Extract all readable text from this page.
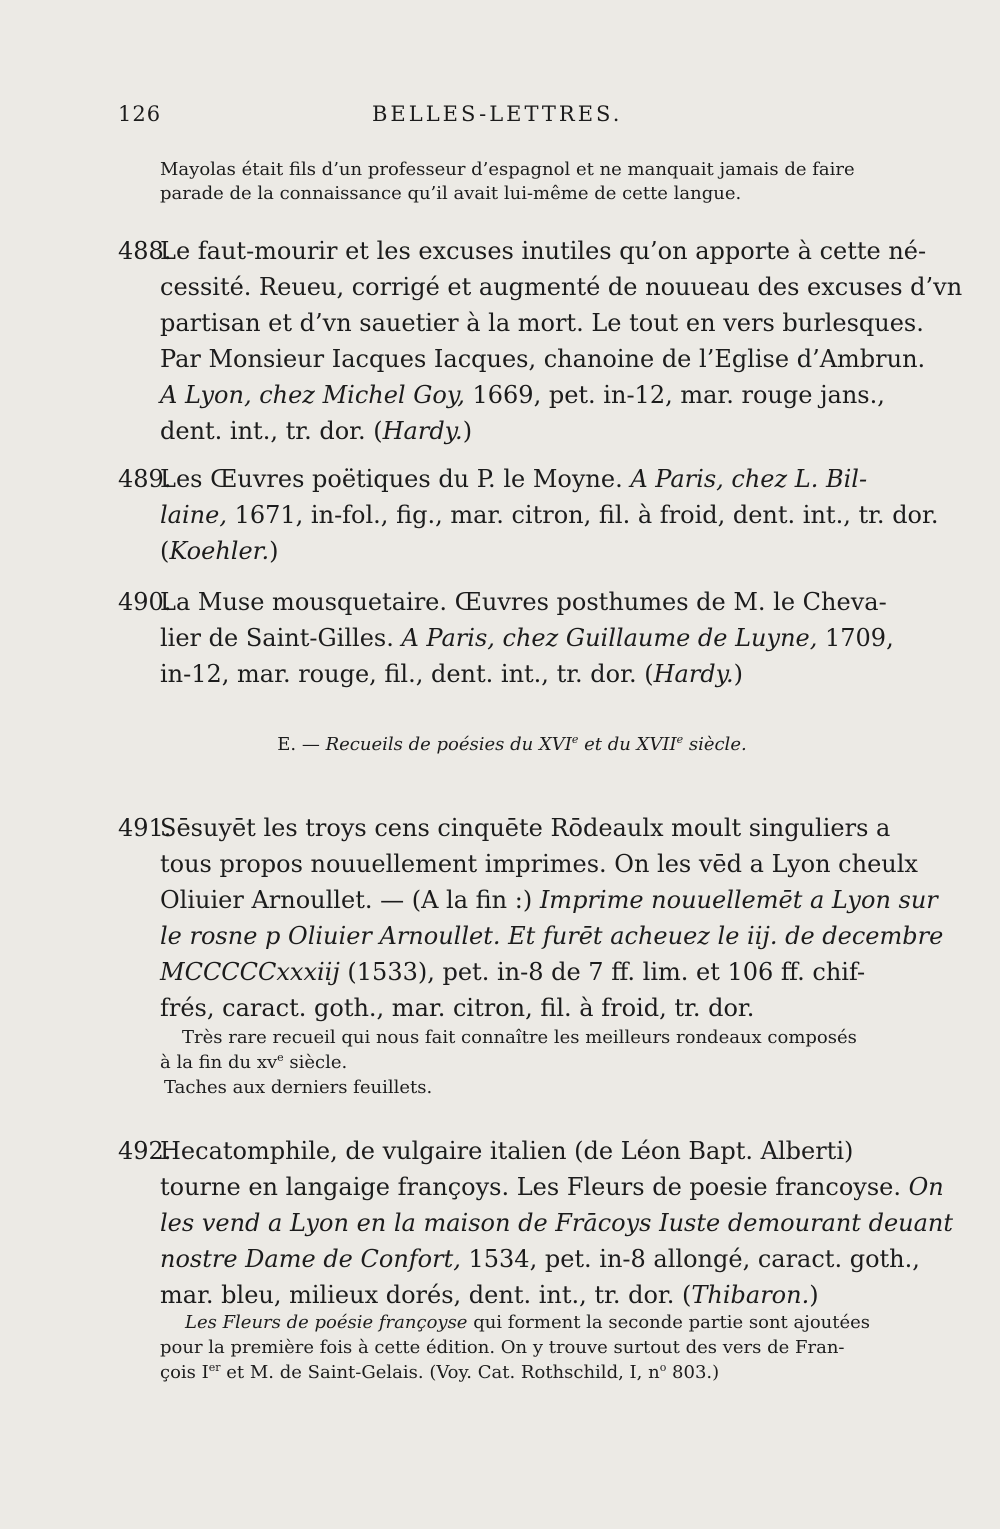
126	BELLES-LETTRES.
Mayolas était fils d’un professeur d’espagnol et ne manquait jamais de faire
parade de la connaissance qu’il avait lui-même de cette langue.
488.
Le faut-mourir et les excuses inutiles qu’on apporte à cette né-
cessité. Reueu, corrigé et augmenté de nouueau des excuses d’vn
partisan et d’vn sauetier à la mort. Le tout en vers burlesques.
Par Monsieur Iacques Iacques, chanoine de l’Eglise d’Ambrun.
A Lyon, chez Michel Goy, 1669, pet. in-12, mar. rouge jans.,
dent. int., tr. dor. (Hardy.)
489.
Les Œuvres poëtiques du P. le Moyne. A Paris, chez L. Bil-
laine, 1671, in-fol., fig., mar. citron, fil. à froid, dent. int., tr. dor.
(Koehler.)
490.
La Muse mousquetaire. Œuvres posthumes de M. le Cheva-
lier de Saint-Gilles. A Paris, chez Guillaume de Luyne, 1709,
in-12, mar. rouge, fil., dent. int., tr. dor. (Hardy.)
E. — Recueils de poésies du XVIe et du XVIIe siècle.
491.
Sēsuyēt les troys cens cinquēte Rōdeaulx moult singuliers a
tous propos nouuellement imprimes. On les vēd a Lyon cheulx
Oliuier Arnoullet. — (A la fin :) Imprime nouuellemēt a Lyon sur
le rosne p Oliuier Arnoullet. Et furēt acheuez le iij. de decembre
MCCCCCxxxiij (1533), pet. in-8 de 7 ff. lim. et 106 ff. chif-
frés, caract. goth., mar. citron, fil. à froid, tr. dor.
Très rare recueil qui nous fait connaître les meilleurs rondeaux composés
à la fin du $xv^e$ siècle.
Taches aux derniers feuillets.
492.
Hecatomphile, de vulgaire italien (de Léon Bapt. Alberti)
tourne en langaige françoys. Les Fleurs de poesie francoyse. On
les vend a Lyon en la maison de Frācoys Iuste demourant deuant
nostre Dame de Confort, 1534, pet. in-8 allongé, caract. goth.,
mar. bleu, milieux dorés, dent. int., tr. dor. (Thibaron.)
Les Fleurs de poésie françoyse qui forment la seconde partie sont ajoutées
pour la première fois à cette édition. On y trouve surtout des vers de Fran-
çois Ier et M. de Saint-Gelais. (Voy. Cat. Rothschild, I, $n^o$ 803.)
